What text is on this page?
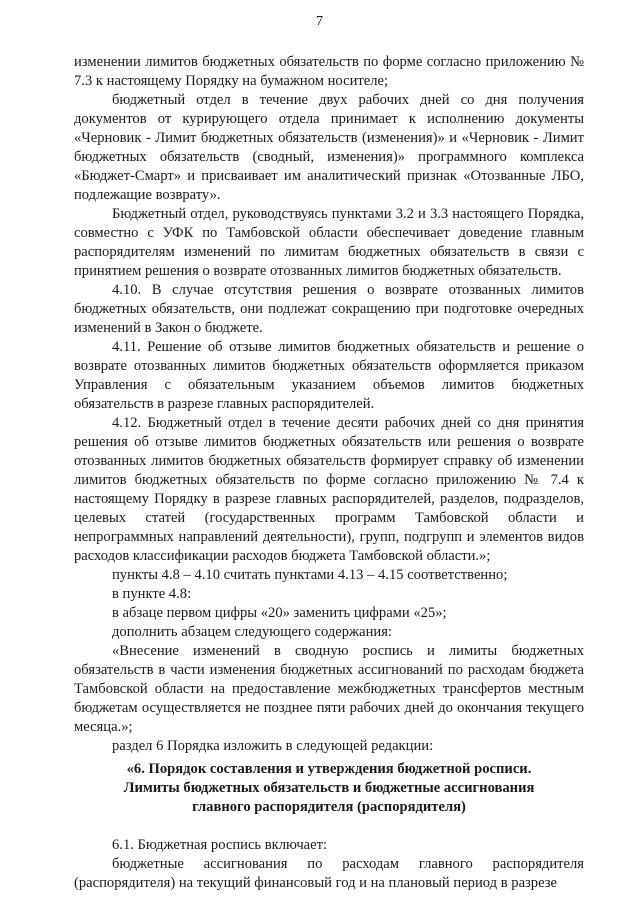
7

изменении лимитов бюджетных обязательств по форме согласно приложению № 7.3 к настоящему Порядку на бумажном носителе;

бюджетный отдел в течение двух рабочих дней со дня получения документов от курирующего отдела принимает к исполнению документы «Черновик - Лимит бюджетных обязательств (изменения)» и «Черновик - Лимит бюджетных обязательств (сводный, изменения)» программного комплекса «Бюджет-Смарт» и присваивает им аналитический признак «Отозванные ЛБО, подлежащие возврату».

Бюджетный отдел, руководствуясь пунктами 3.2 и 3.3 настоящего Порядка, совместно с УФК по Тамбовской области обеспечивает доведение главным распорядителям изменений по лимитам бюджетных обязательств в связи с принятием решения о возврате отозванных лимитов бюджетных обязательств.

4.10. В случае отсутствия решения о возврате отозванных лимитов бюджетных обязательств, они подлежат сокращению при подготовке очередных изменений в Закон о бюджете.

4.11. Решение об отзыве лимитов бюджетных обязательств и решение о возврате отозванных лимитов бюджетных обязательств оформляется приказом Управления с обязательным указанием объемов лимитов бюджетных обязательств в разрезе главных распорядителей.

4.12. Бюджетный отдел в течение десяти рабочих дней со дня принятия решения об отзыве лимитов бюджетных обязательств или решения о возврате отозванных лимитов бюджетных обязательств формирует справку об изменении лимитов бюджетных обязательств по форме согласно приложению № 7.4 к настоящему Порядку в разрезе главных распорядителей, разделов, подразделов, целевых статей (государственных программ Тамбовской области и непрограммных направлений деятельности), групп, подгрупп и элементов видов расходов классификации расходов бюджета Тамбовской области.»;

пункты 4.8 – 4.10 считать пунктами 4.13 – 4.15 соответственно;

в пункте 4.8:

в абзаце первом цифры «20» заменить цифрами «25»;

дополнить абзацем следующего содержания:

«Внесение изменений в сводную роспись и лимиты бюджетных обязательств в части изменения бюджетных ассигнований по расходам бюджета Тамбовской области на предоставление межбюджетных трансфертов местным бюджетам осуществляется не позднее пяти рабочих дней до окончания текущего месяца.»;

раздел 6 Порядка изложить в следующей редакции:

«6. Порядок составления и утверждения бюджетной росписи.
Лимиты бюджетных обязательств и бюджетные ассигнования
главного распорядителя (распорядителя)

6.1. Бюджетная роспись включает:

бюджетные ассигнования по расходам главного распорядителя (распорядителя) на текущий финансовый год и на плановый период в разрезе
